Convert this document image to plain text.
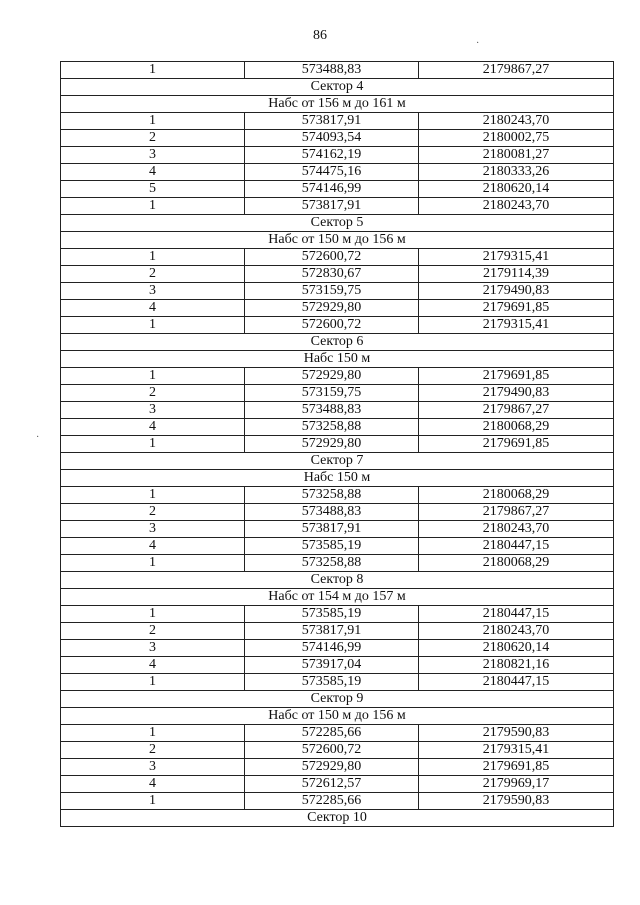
86
1	573488,83	2179867,27
Сектор 4		
Набс от 156 м до 161 м		
1	573817,91	2180243,70
2	574093,54	2180002,75
3	574162,19	2180081,27
4	574475,16	2180333,26
5	574146,99	2180620,14
1	573817,91	2180243,70
Сектор 5		
Набс от 150 м до 156 м		
1	572600,72	2179315,41
2	572830,67	2179114,39
3	573159,75	2179490,83
4	572929,80	2179691,85
1	572600,72	2179315,41
Сектор 6		
Набс 150 м		
1	572929,80	2179691,85
2	573159,75	2179490,83
3	573488,83	2179867,27
4	573258,88	2180068,29
1	572929,80	2179691,85
Сектор 7		
Набс 150 м		
1	573258,88	2180068,29
2	573488,83	2179867,27
3	573817,91	2180243,70
4	573585,19	2180447,15
1	573258,88	2180068,29
Сектор 8		
Набс от 154 м до 157 м		
1	573585,19	2180447,15
2	573817,91	2180243,70
3	574146,99	2180620,14
4	573917,04	2180821,16
1	573585,19	2180447,15
Сектор 9		
Набс от 150 м до 156 м		
1	572285,66	2179590,83
2	572600,72	2179315,41
3	572929,80	2179691,85
4	572612,57	2179969,17
1	572285,66	2179590,83
Сектор 10		
·
·
